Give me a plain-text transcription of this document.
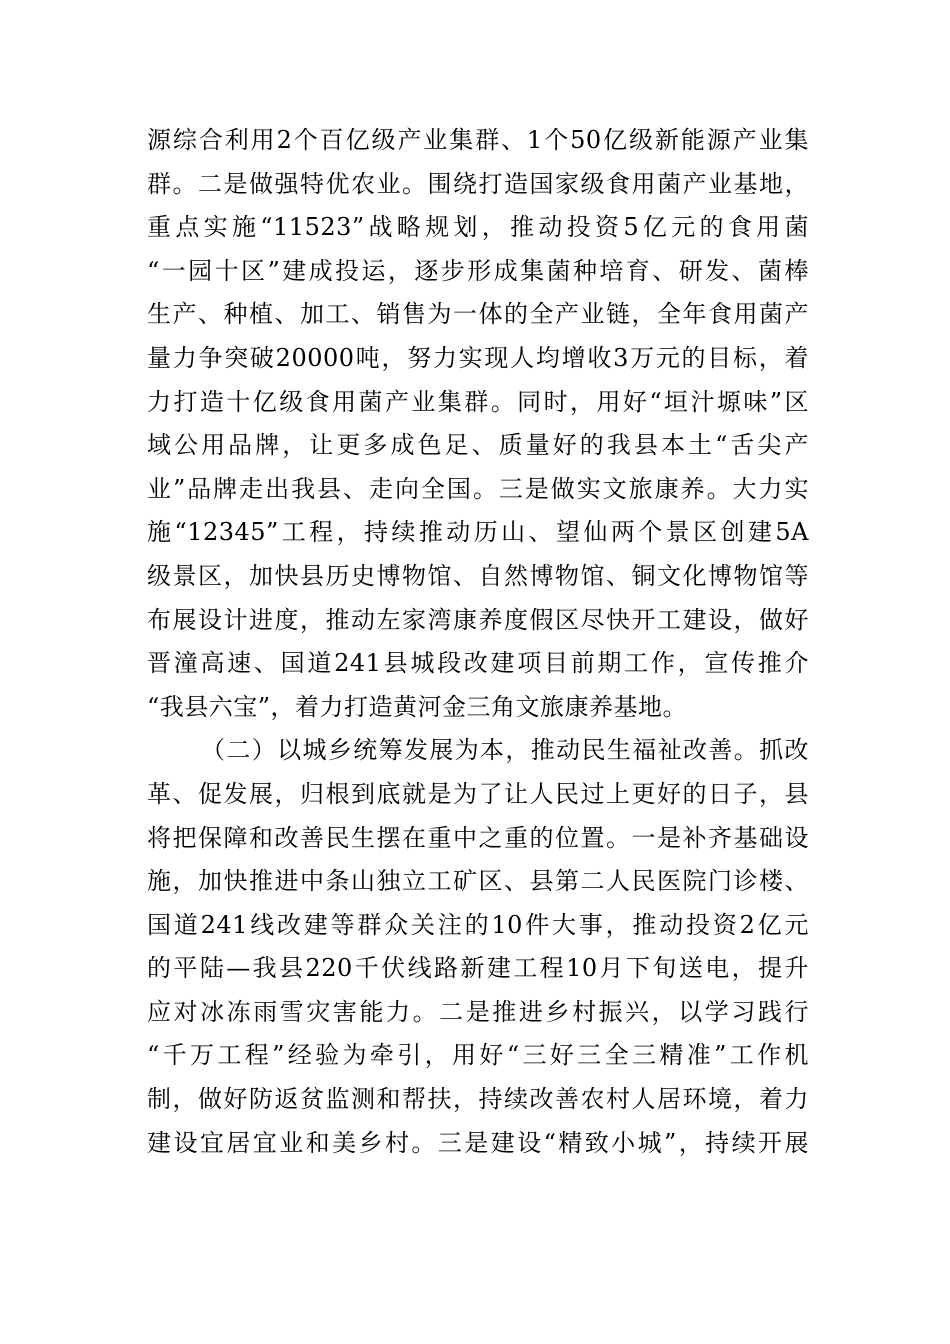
源综合利用2个百亿级产业集群、1个50亿级新能源产业集
群。二是做强特优农业。围绕打造国家级食用菌产业基地，
重点实施“11523”战略规划，推动投资5亿元的食用菌
“一园十区”建成投运，逐步形成集菌种培育、研发、菌棒
生产、种植、加工、销售为一体的全产业链，全年食用菌产
量力争突破20000吨，努力实现人均增收3万元的目标，着
力打造十亿级食用菌产业集群。同时，用好“垣汁塬味”区
域公用品牌，让更多成色足、质量好的我县本土“舌尖产
业”品牌走出我县、走向全国。三是做实文旅康养。大力实
施“12345”工程，持续推动历山、望仙两个景区创建5A
级景区，加快县历史博物馆、自然博物馆、铜文化博物馆等
布展设计进度，推动左家湾康养度假区尽快开工建设，做好
晋潼高速、国道241县城段改建项目前期工作，宣传推介
“我县六宝”，着力打造黄河金三角文旅康养基地。
（二）以城乡统筹发展为本，推动民生福祉改善。抓改
革、促发展，归根到底就是为了让人民过上更好的日子，县
将把保障和改善民生摆在重中之重的位置。一是补齐基础设
施，加快推进中条山独立工矿区、县第二人民医院门诊楼、
国道241线改建等群众关注的10件大事，推动投资2亿元
的平陆—我县220千伏线路新建工程10月下旬送电，提升
应对冰冻雨雪灾害能力。二是推进乡村振兴，以学习践行
“千万工程”经验为牵引，用好“三好三全三精准”工作机
制，做好防返贫监测和帮扶，持续改善农村人居环境，着力
建设宜居宜业和美乡村。三是建设“精致小城”，持续开展
